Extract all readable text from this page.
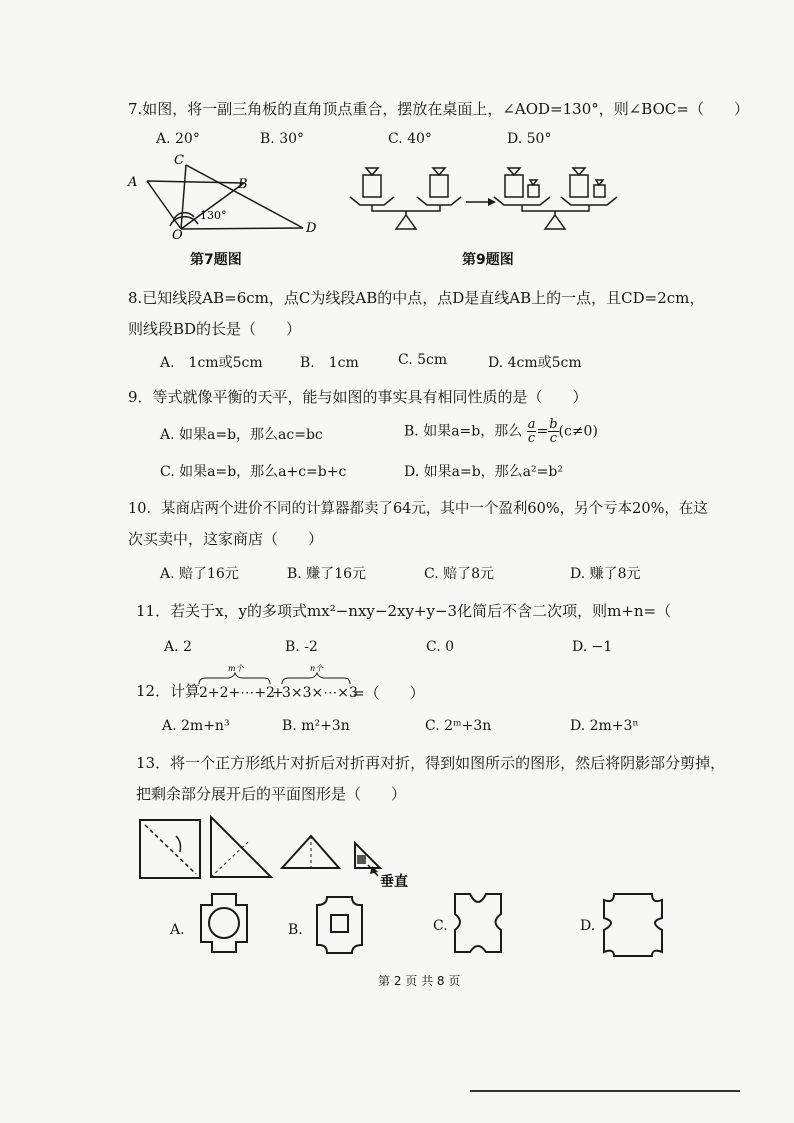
7.如图，将一副三角板的直角顶点重合，摆放在桌面上，∠AOD=130°，则∠BOC=（　　）
A. 20°	B. 30°	C. 40°	D. 50°
C
A	B
D
O
130°
第7题图	第9题图
8.已知线段AB=6cm，点C为线段AB的中点，点D是直线AB上的一点，且CD=2cm，
则线段BD的长是（　　）
A.　1cm或5cm	B.　1cm	C. 5cm	D. 4cm或5cm
9．等式就像平衡的天平，能与如图的事实具有相同性质的是（　　）
A. 如果a=b，那么ac=bc	B. 如果a=b，那么 $\frac{a}{c} = \frac{b}{c} (c\ne 0)$
C. 如果a=b，那么a+c=b+c	D. 如果a=b，那么a²=b²
10．某商店两个进价不同的计算器都卖了64元，其中一个盈利60%，另个亏本20%，在这
次买卖中，这家商店（　　）
A. 赔了16元	B. 赚了16元	C. 赔了8元	D. 赚了8元
11．若关于x，y的多项式mx²−nxy−2xy+y−3化简后不含二次项，则m+n=（
A. 2	B. -2	C. 0	D. −1
12．计算
2+2+⋯+2
+
3×3×⋯×3
=（　　）
m个	n个
A. 2m+n³	B. m²+3n	C. 2ᵐ+3n	D. 2m+3ⁿ
13．将一个正方形纸片对折后对折再对折，得到如图所示的图形，然后将阴影部分剪掉，
把剩余部分展开后的平面图形是（　　）
垂直
A.	B.	C.	D.
第 2 页 共 8 页
